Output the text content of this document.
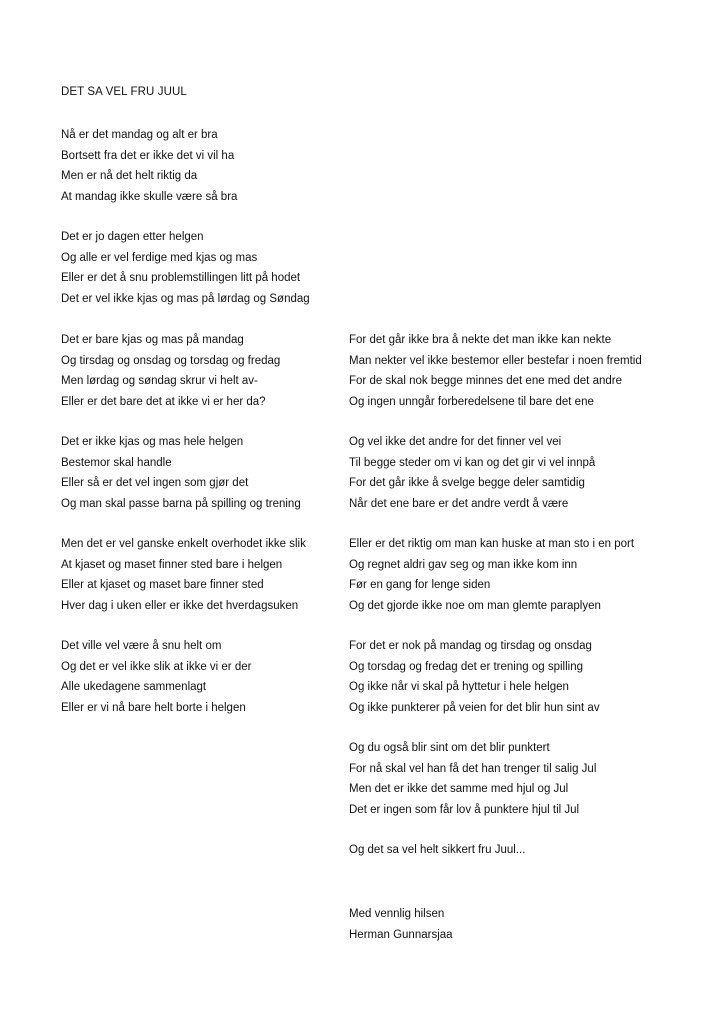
DET SA VEL FRU JUUL
Nå er det mandag og alt er bra
Bortsett fra det er ikke det vi vil ha
Men er nå det helt riktig da
At mandag ikke skulle være så bra
Det er jo dagen etter helgen
Og alle er vel ferdige med kjas og mas
Eller er det å snu problemstillingen litt på hodet
Det er vel ikke kjas og mas på lørdag og Søndag
Det er bare kjas og mas på mandag
Og tirsdag og onsdag og torsdag og fredag
Men lørdag og søndag skrur vi helt av-
Eller er det bare det at ikke vi er her da?
Det er ikke kjas og mas hele helgen
Bestemor skal handle
Eller så er det vel ingen som gjør det
Og man skal passe barna på spilling og trening
Men det er vel ganske enkelt overhodet ikke slik
At kjaset og maset finner sted bare i helgen
Eller at kjaset og maset bare finner sted
Hver dag i uken eller er ikke det hverdagsuken
Det ville vel være å snu helt om
Og det er vel ikke slik at ikke vi er der
Alle ukedagene sammenlagt
Eller er vi nå bare helt borte i helgen
For det går ikke bra å nekte det man ikke kan nekte
Man nekter vel ikke bestemor eller bestefar i noen fremtid
For de skal nok begge minnes det ene med det andre
Og ingen unngår forberedelsene til bare det ene
Og vel ikke det andre for det finner vel vei
Til begge steder om vi kan og det gir vi vel innpå
For det går ikke å svelge begge deler samtidig
Når det ene bare er det andre verdt å være
Eller er det riktig om man kan huske at man sto i en port
Og regnet aldri gav seg og man ikke kom inn
Før en gang for lenge siden
Og det gjorde ikke noe om man glemte paraplyen
For det er nok på mandag og tirsdag og onsdag
Og torsdag og fredag det er trening og spilling
Og ikke når vi skal på hyttetur i hele helgen
Og ikke punkterer på veien for det blir hun sint av
Og du også blir sint om det blir punktert
For nå skal vel han få det han trenger til salig Jul
Men det er ikke det samme med hjul og Jul
Det er ingen som får lov å punktere hjul til Jul
Og det sa vel helt sikkert fru Juul...
Med vennlig hilsen
Herman Gunnarsjaa
